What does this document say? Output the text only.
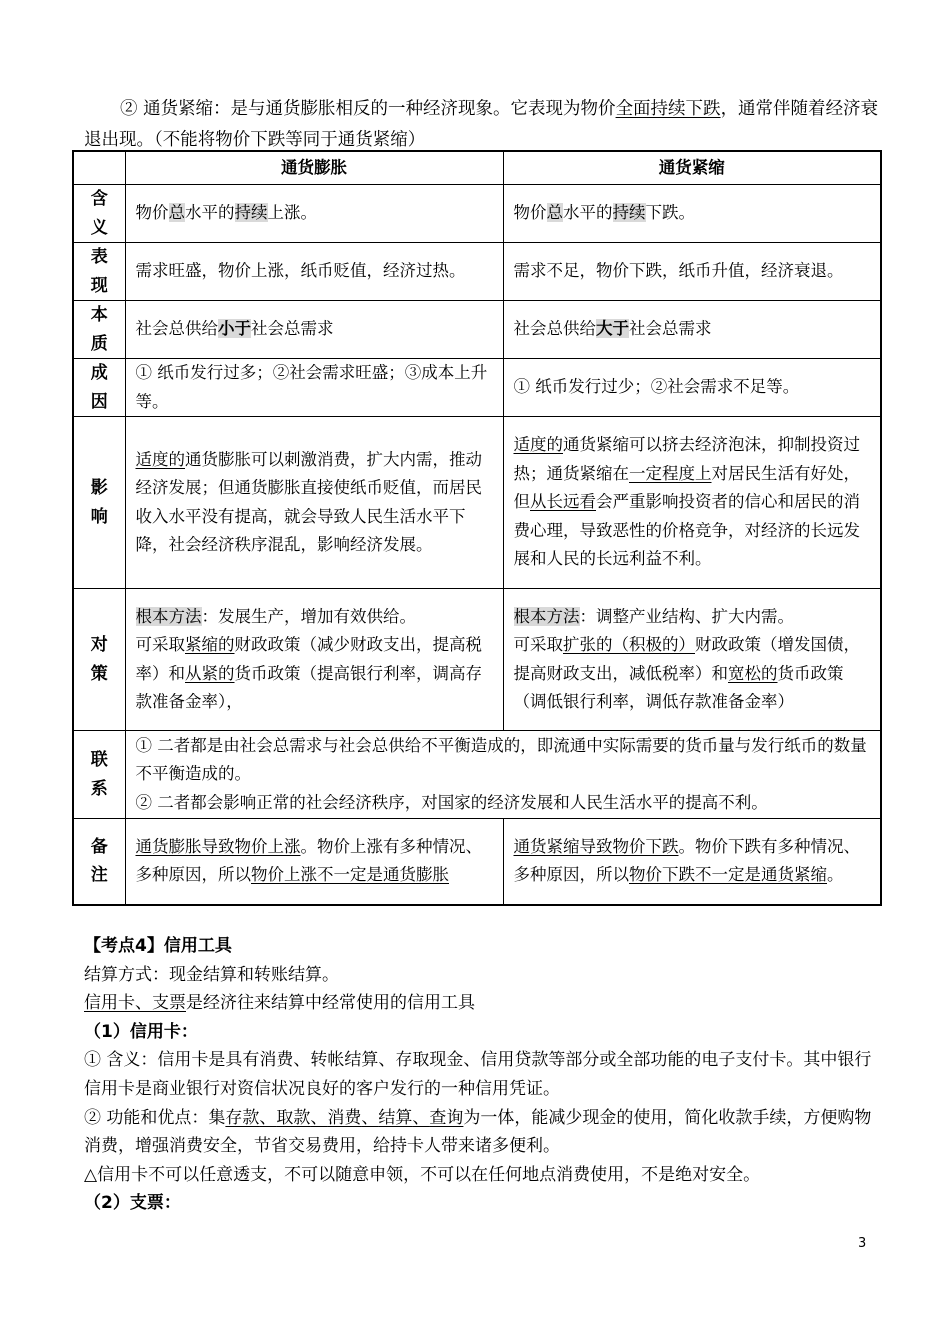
② 通货紧缩：是与通货膨胀相反的一种经济现象。它表现为物价全面持续下跌，通常伴随着经济衰退出现。（不能将物价下跌等同于通货紧缩）

	通货膨胀	通货紧缩

含
义	物价总水平的持续上涨。	物价总水平的持续下跌。

表
现	需求旺盛，物价上涨，纸币贬值，经济过热。	需求不足，物价下跌，纸币升值，经济衰退。

本
质	社会总供给小于社会总需求	社会总供给大于社会总需求

成
因	① 纸币发行过多；②社会需求旺盛；③成本上升等。	① 纸币发行过少；②社会需求不足等。

影
响	适度的通货膨胀可以刺激消费，扩大内需，推动经济发展；但通货膨胀直接使纸币贬值，而居民收入水平没有提高，就会导致人民生活水平下降，社会经济秩序混乱，影响经济发展。	适度的通货紧缩可以挤去经济泡沫，抑制投资过热；通货紧缩在一定程度上对居民生活有好处，但从长远看会严重影响投资者的信心和居民的消费心理，导致恶性的价格竞争，对经济的长远发展和人民的长远利益不利。

对
策	根本方法：发展生产，增加有效供给。
可采取紧缩的财政政策（减少财政支出，提高税率）和从紧的货币政策（提高银行利率，调高存款准备金率），	根本方法：调整产业结构、扩大内需。
可采取扩张的（积极的）财政政策（增发国债，提高财政支出，减低税率）和宽松的货币政策（调低银行利率，调低存款准备金率）

联
系	① 二者都是由社会总需求与社会总供给不平衡造成的，即流通中实际需要的货币量与发行纸币的数量不平衡造成的。
② 二者都会影响正常的社会经济秩序，对国家的经济发展和人民生活水平的提高不利。	

备
注	通货膨胀导致物价上涨。物价上涨有多种情况、多种原因，所以物价上涨不一定是通货膨胀	通货紧缩导致物价下跌。物价下跌有多种情况、多种原因，所以物价下跌不一定是通货紧缩。

【考点4】信用工具

结算方式：现金结算和转账结算。

信用卡、支票是经济往来结算中经常使用的信用工具

（1）信用卡：

① 含义：信用卡是具有消费、转帐结算、存取现金、信用贷款等部分或全部功能的电子支付卡。其中银行信用卡是商业银行对资信状况良好的客户发行的一种信用凭证。

② 功能和优点：集存款、取款、消费、结算、查询为一体，能减少现金的使用，简化收款手续，方便购物消费，增强消费安全，节省交易费用，给持卡人带来诸多便利。

△信用卡不可以任意透支，不可以随意申领，不可以在任何地点消费使用，不是绝对安全。

（2）支票：

3
